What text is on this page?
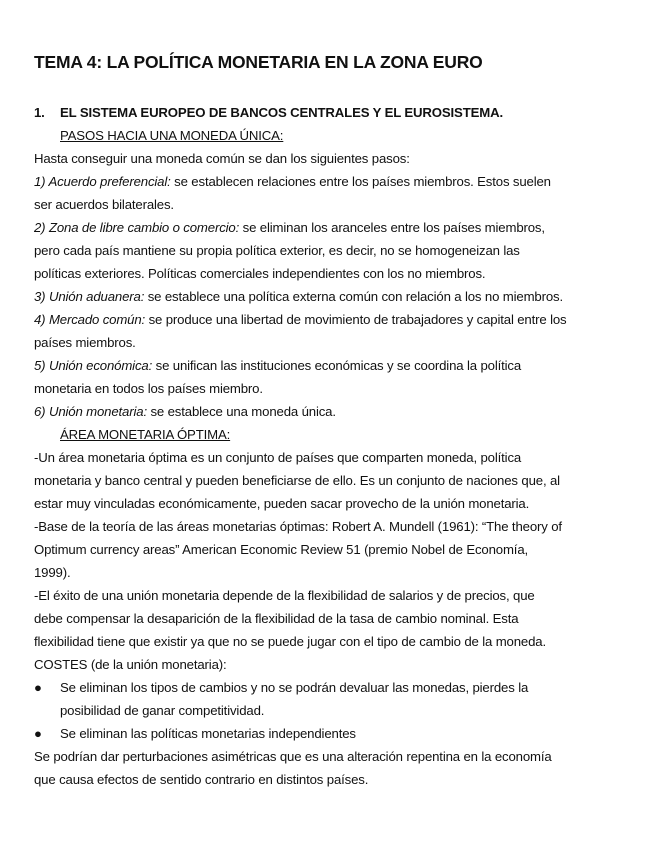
TEMA 4: LA POLÍTICA MONETARIA EN LA ZONA EURO
1. EL SISTEMA EUROPEO DE BANCOS CENTRALES Y EL EUROSISTEMA.
PASOS HACIA UNA MONEDA ÚNICA:
Hasta conseguir una moneda común se dan los siguientes pasos:
1) Acuerdo preferencial: se establecen relaciones entre los países miembros. Estos suelen
ser acuerdos bilaterales.
2) Zona de libre cambio o comercio: se eliminan los aranceles entre los países miembros,
pero cada país mantiene su propia política exterior, es decir, no se homogeneizan las
políticas exteriores. Políticas comerciales independientes con los no miembros.
3) Unión aduanera: se establece una política externa común con relación a los no miembros.
4) Mercado común: se produce una libertad de movimiento de trabajadores y capital entre los
países miembros.
5) Unión económica: se unifican las instituciones económicas y se coordina la política
monetaria en todos los países miembro.
6) Unión monetaria: se establece una moneda única.
ÁREA MONETARIA ÓPTIMA:
-Un área monetaria óptima es un conjunto de países que comparten moneda, política
monetaria y banco central y pueden beneficiarse de ello. Es un conjunto de naciones que, al
estar muy vinculadas económicamente, pueden sacar provecho de la unión monetaria.
-Base de la teoría de las áreas monetarias óptimas: Robert A. Mundell (1961): “The theory of
Optimum currency areas” American Economic Review 51 (premio Nobel de Economía,
1999).
-El éxito de una unión monetaria depende de la flexibilidad de salarios y de precios, que
debe compensar la desaparición de la flexibilidad de la tasa de cambio nominal. Esta
flexibilidad tiene que existir ya que no se puede jugar con el tipo de cambio de la moneda.
COSTES (de la unión monetaria):
● Se eliminan los tipos de cambios y no se podrán devaluar las monedas, pierdes la
posibilidad de ganar competitividad.
● Se eliminan las políticas monetarias independientes
Se podrían dar perturbaciones asimétricas que es una alteración repentina en la economía
que causa efectos de sentido contrario en distintos países.
